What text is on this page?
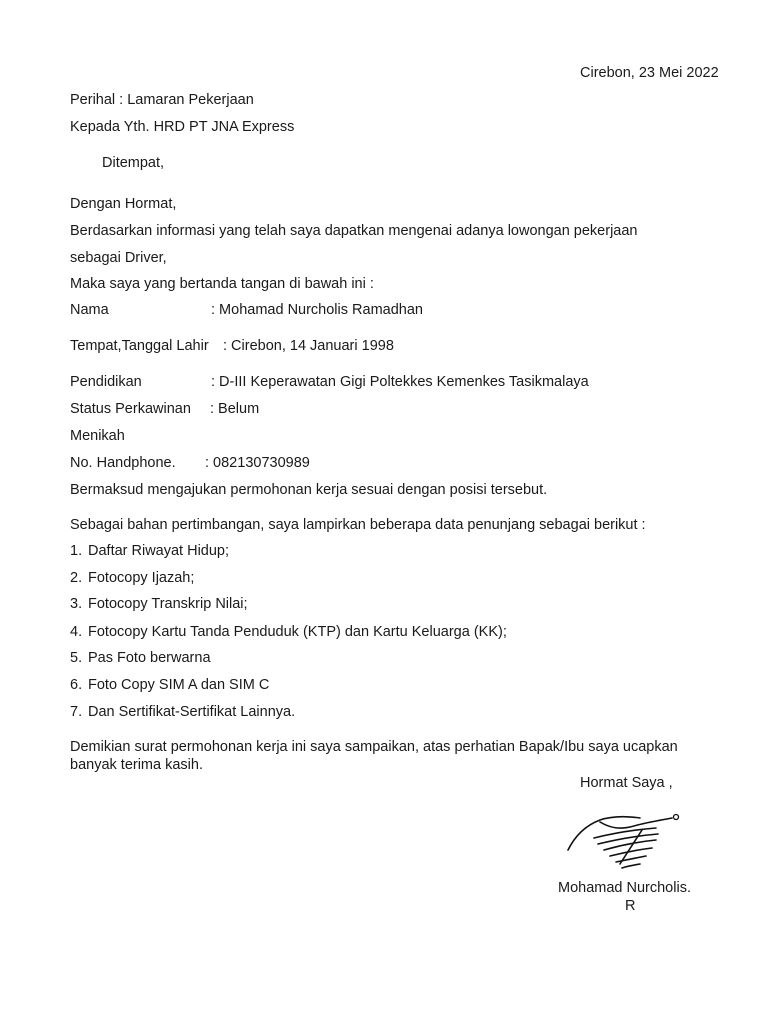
Cirebon, 23 Mei 2022
Perihal : Lamaran Pekerjaan
Kepada Yth. HRD PT JNA Express
Ditempat,
Dengan Hormat,
Berdasarkan informasi yang telah saya dapatkan mengenai adanya lowongan pekerjaan
sebagai Driver,
Maka saya yang bertanda tangan di bawah ini :
Nama	: Mohamad Nurcholis Ramadhan
Tempat,Tanggal Lahir : Cirebon, 14 Januari 1998
Pendidikan	: D-III Keperawatan Gigi Poltekkes Kemenkes Tasikmalaya
Status Perkawinan : Belum
Menikah
No. Handphone. : 082130730989
Bermaksud mengajukan permohonan kerja sesuai dengan posisi tersebut.
Sebagai bahan pertimbangan, saya lampirkan beberapa data penunjang sebagai berikut :
1. Daftar Riwayat Hidup;
2. Fotocopy Ijazah;
3. Fotocopy Transkrip Nilai;
4. Fotocopy Kartu Tanda Penduduk (KTP) dan Kartu Keluarga (KK);
5. Pas Foto berwarna
6. Foto Copy SIM A dan SIM C
7. Dan Sertifikat-Sertifikat Lainnya.
Demikian surat permohonan kerja ini saya sampaikan, atas perhatian Bapak/Ibu saya ucapkan
banyak terima kasih.
Hormat Saya ,
Mohamad Nurcholis.
R
